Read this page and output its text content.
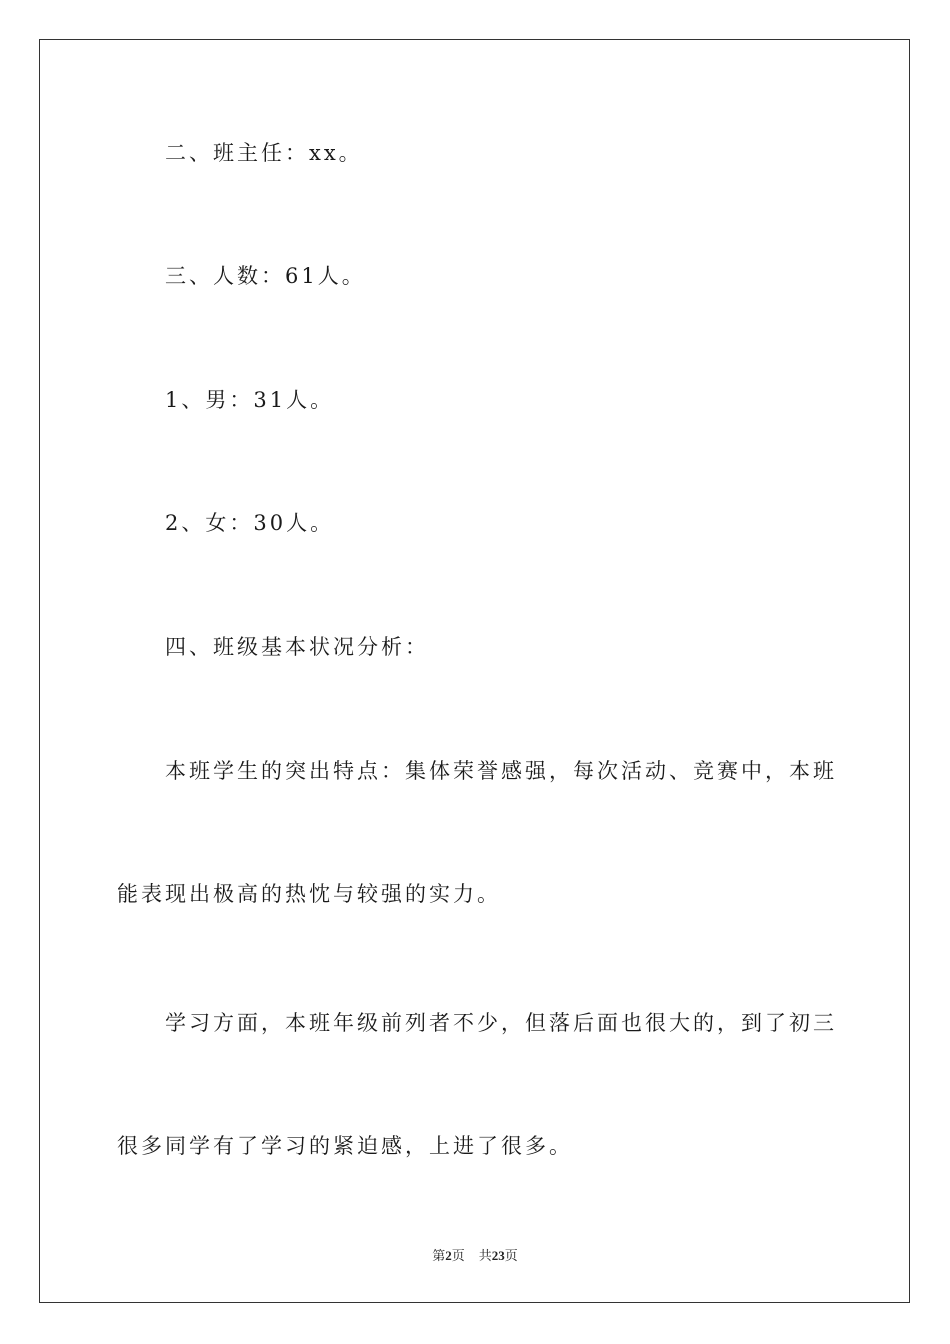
二、班主任：xx。
三、人数：61人。
1、男：31人。
2、女：30人。
四、班级基本状况分析：
本班学生的突出特点：集体荣誉感强，每次活动、竞赛中，本班
能表现出极高的热忱与较强的实力。
学习方面，本班年级前列者不少，但落后面也很大的，到了初三
很多同学有了学习的紧迫感，上进了很多。
第2页 共23页
